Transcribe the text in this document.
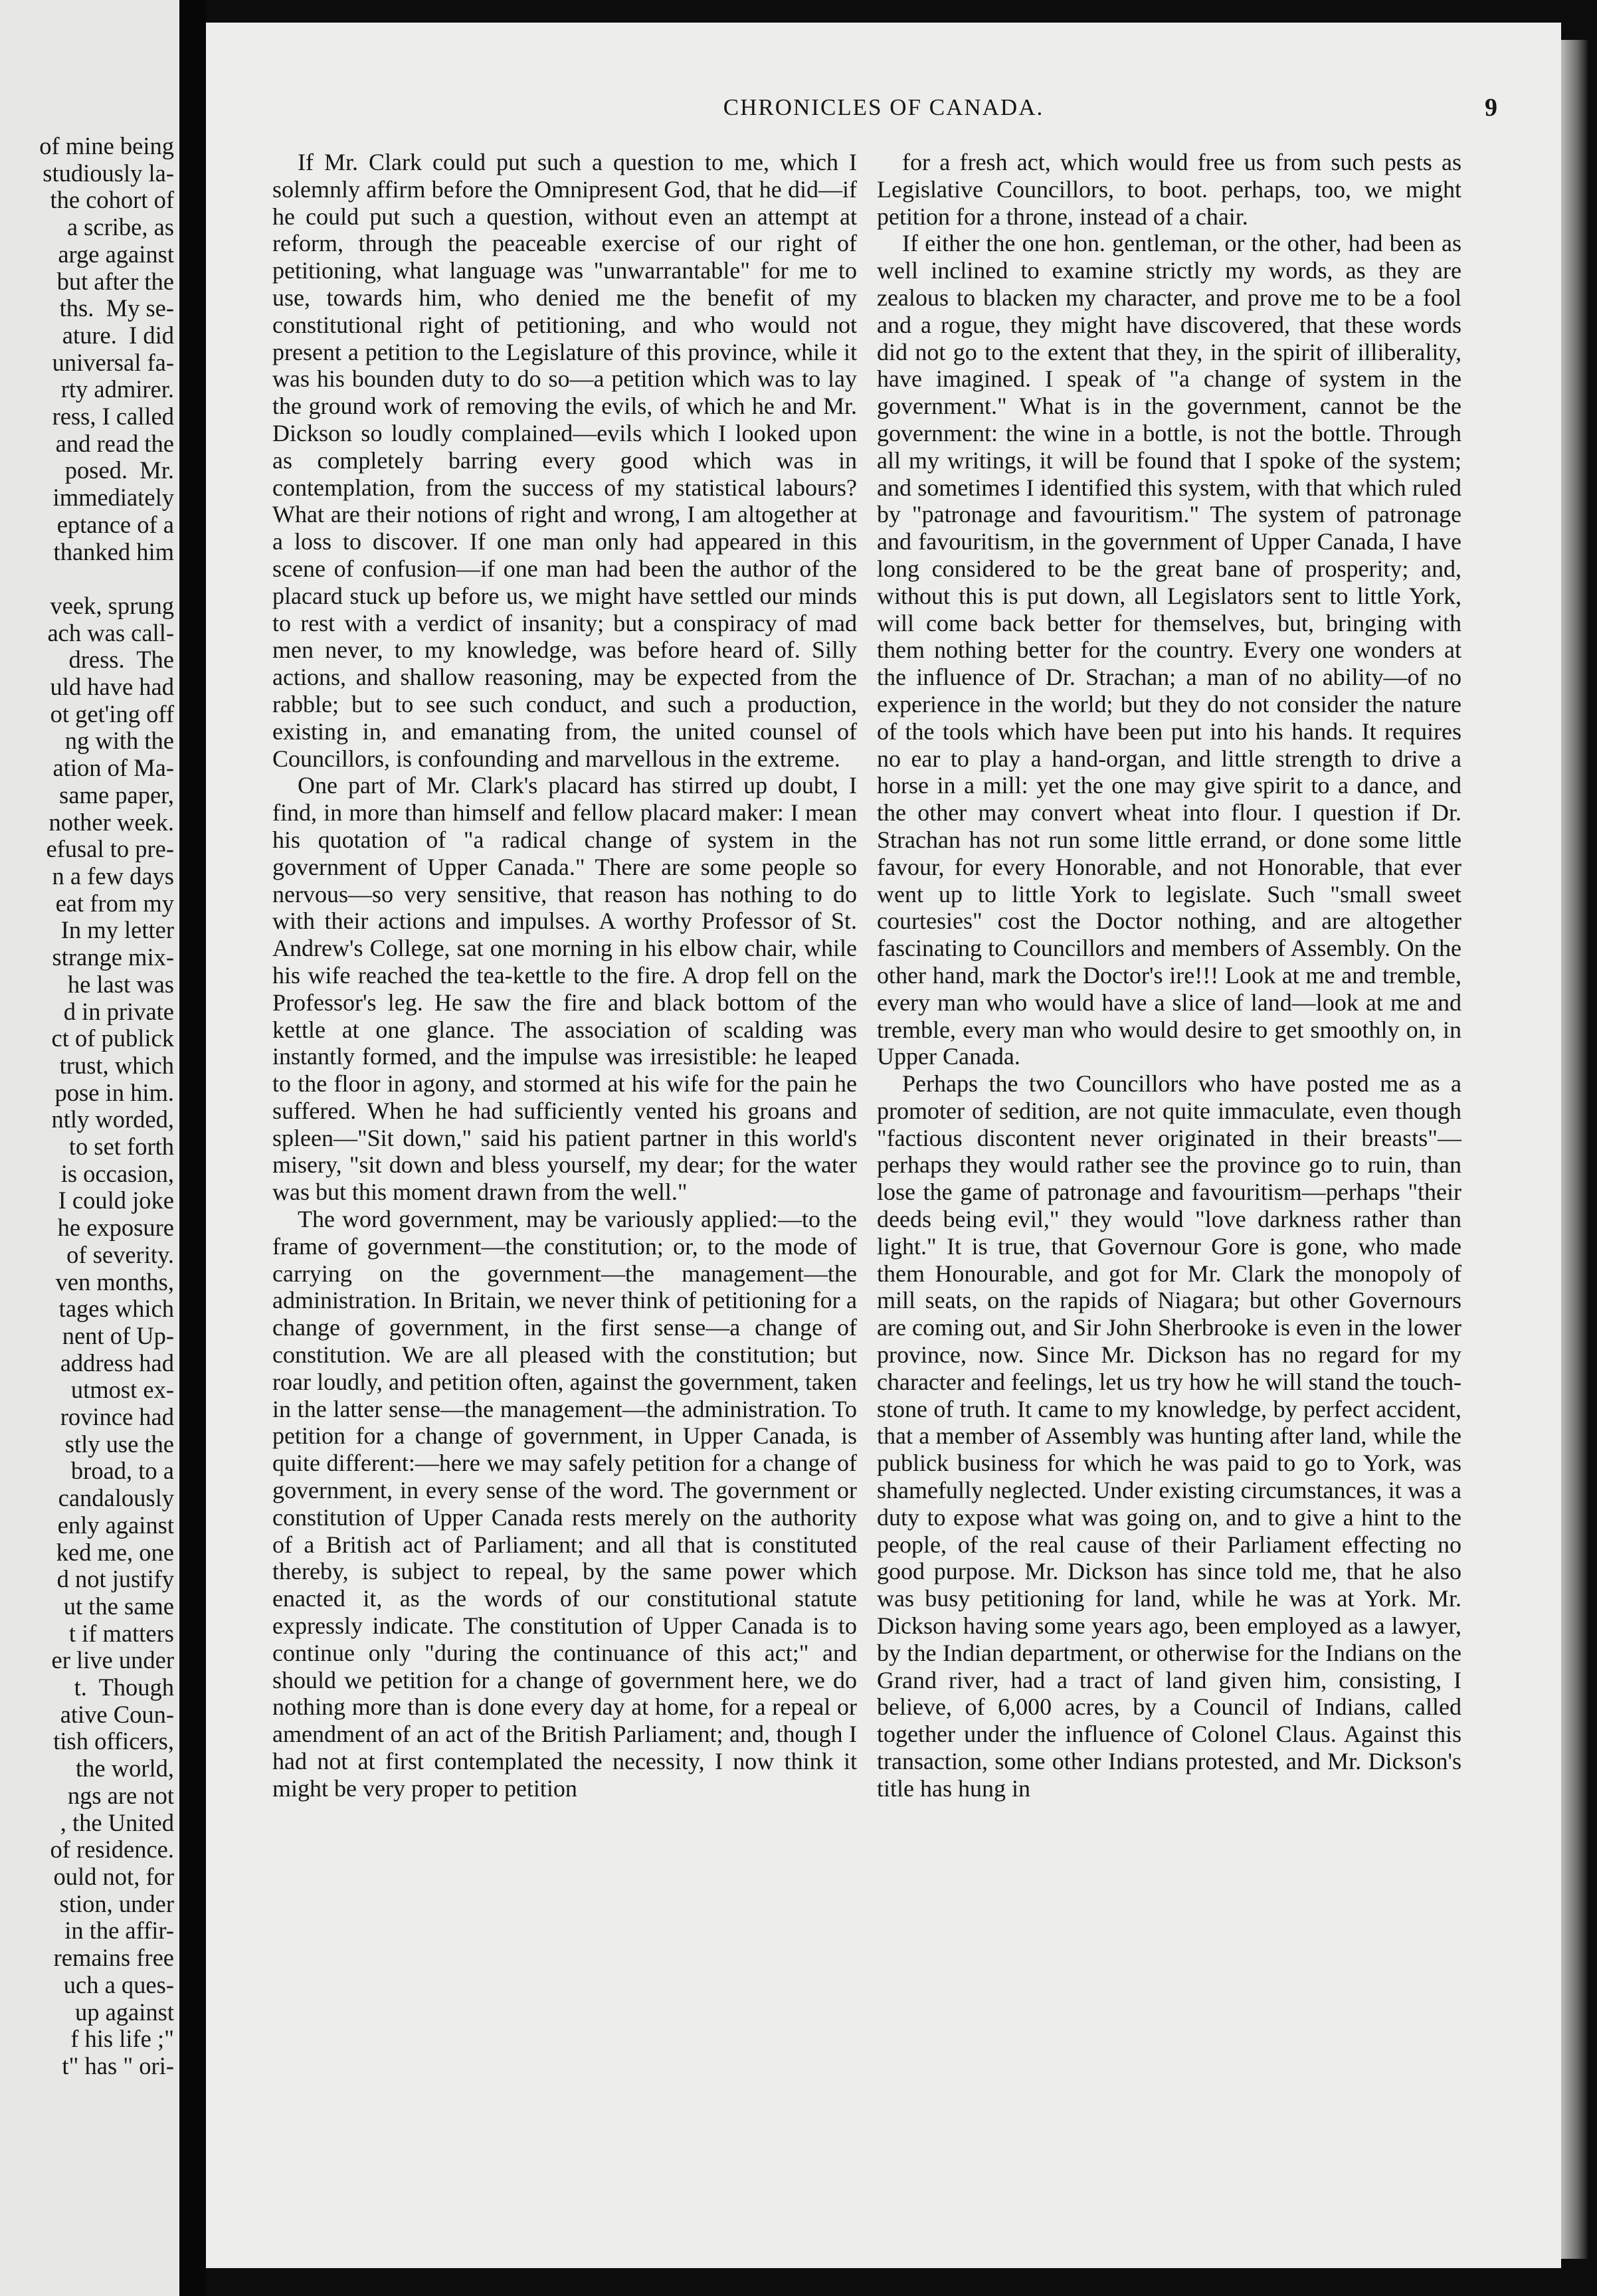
of mine being
studiously la-
the cohort of
a scribe, as
arge against
but after the
ths.  My se-
ature.  I did
universal fa-
rty admirer.
ress, I called
and read the
posed.  Mr.
immediately
eptance of a
thanked him

veek, sprung
ach was call-
dress.  The
uld have had
ot get'ing off
ng with the
ation of Ma-
same paper,
nother week.
efusal to pre-
n a few days
eat from my
In my letter
strange mix-
he last was
d in private
ct of publick
trust, which
pose in him.
ntly worded,
to set forth
is occasion,
I could joke
he exposure
of severity.
ven months,
tages which
nent of Up-
address had
utmost ex-
rovince had
stly use the
broad, to a
candalously
enly against
ked me, one
d not justify
ut the same
t if matters
er live under
t.  Though
ative Coun-
tish officers,
the world,
ngs are not
, the United
of residence.
ould not, for
stion, under
in the affir-
remains free
uch a ques-
up against
f his life ;"
t" has " ori-
CHRONICLES OF CANADA.	9

If Mr. Clark could put such a question to me, which I solemnly affirm before the Omnipresent God, that he did—if he could put such a question, without even an attempt at reform, through the peaceable exercise of our right of petitioning, what language was "unwarrantable" for me to use, towards him, who denied me the benefit of my constitutional right of petitioning, and who would not present a petition to the Legislature of this province, while it was his bounden duty to do so—a petition which was to lay the ground work of removing the evils, of which he and Mr. Dickson so loudly complained—evils which I looked upon as completely barring every good which was in contemplation, from the success of my statistical labours? What are their notions of right and wrong, I am altogether at a loss to discover. If one man only had appeared in this scene of confusion—if one man had been the author of the placard stuck up before us, we might have settled our minds to rest with a verdict of insanity; but a conspiracy of mad men never, to my knowledge, was before heard of. Silly actions, and shallow reasoning, may be expected from the rabble; but to see such conduct, and such a production, existing in, and emanating from, the united counsel of Councillors, is confounding and marvellous in the extreme.

One part of Mr. Clark's placard has stirred up doubt, I find, in more than himself and fellow placard maker: I mean his quotation of "a radical change of system in the government of Upper Canada." There are some people so nervous—so very sensitive, that reason has nothing to do with their actions and impulses. A worthy Professor of St. Andrew's College, sat one morning in his elbow chair, while his wife reached the tea-kettle to the fire. A drop fell on the Professor's leg. He saw the fire and black bottom of the kettle at one glance. The association of scalding was instantly formed, and the impulse was irresistible: he leaped to the floor in agony, and stormed at his wife for the pain he suffered. When he had sufficiently vented his groans and spleen—"Sit down," said his patient partner in this world's misery, "sit down and bless yourself, my dear; for the water was but this moment drawn from the well."

The word government, may be variously applied:—to the frame of government—the constitution; or, to the mode of carrying on the government—the management—the administration. In Britain, we never think of petitioning for a change of government, in the first sense—a change of constitution. We are all pleased with the constitution; but roar loudly, and petition often, against the government, taken in the latter sense—the management—the administration. To petition for a change of government, in Upper Canada, is quite different:—here we may safely petition for a change of government, in every sense of the word. The government or constitution of Upper Canada rests merely on the authority of a British act of Parliament; and all that is constituted thereby, is subject to repeal, by the same power which enacted it, as the words of our constitutional statute expressly indicate. The constitution of Upper Canada is to continue only "during the continuance of this act;" and should we petition for a change of government here, we do nothing more than is done every day at home, for a repeal or amendment of an act of the British Parliament; and, though I had not at first contemplated the necessity, I now think it might be very proper to petition

for a fresh act, which would free us from such pests as Legislative Councillors, to boot. perhaps, too, we might petition for a throne, instead of a chair.

If either the one hon. gentleman, or the other, had been as well inclined to examine strictly my words, as they are zealous to blacken my character, and prove me to be a fool and a rogue, they might have discovered, that these words did not go to the extent that they, in the spirit of illiberality, have imagined. I speak of "a change of system in the government." What is in the government, cannot be the government: the wine in a bottle, is not the bottle. Through all my writings, it will be found that I spoke of the system; and sometimes I identified this system, with that which ruled by "patronage and favouritism." The system of patronage and favouritism, in the government of Upper Canada, I have long considered to be the great bane of prosperity; and, without this is put down, all Legislators sent to little York, will come back better for themselves, but, bringing with them nothing better for the country. Every one wonders at the influence of Dr. Strachan; a man of no ability—of no experience in the world; but they do not consider the nature of the tools which have been put into his hands. It requires no ear to play a hand-organ, and little strength to drive a horse in a mill: yet the one may give spirit to a dance, and the other may convert wheat into flour. I question if Dr. Strachan has not run some little errand, or done some little favour, for every Honorable, and not Honorable, that ever went up to little York to legislate. Such "small sweet courtesies" cost the Doctor nothing, and are altogether fascinating to Councillors and members of Assembly. On the other hand, mark the Doctor's ire!!! Look at me and tremble, every man who would have a slice of land—look at me and tremble, every man who would desire to get smoothly on, in Upper Canada.

Perhaps the two Councillors who have posted me as a promoter of sedition, are not quite immaculate, even though "factious discontent never originated in their breasts"—perhaps they would rather see the province go to ruin, than lose the game of patronage and favouritism—perhaps "their deeds being evil," they would "love darkness rather than light." It is true, that Governour Gore is gone, who made them Honourable, and got for Mr. Clark the monopoly of mill seats, on the rapids of Niagara; but other Governours are coming out, and Sir John Sherbrooke is even in the lower province, now. Since Mr. Dickson has no regard for my character and feelings, let us try how he will stand the touch-stone of truth. It came to my knowledge, by perfect accident, that a member of Assembly was hunting after land, while the publick business for which he was paid to go to York, was shamefully neglected. Under existing circumstances, it was a duty to expose what was going on, and to give a hint to the people, of the real cause of their Parliament effecting no good purpose. Mr. Dickson has since told me, that he also was busy petitioning for land, while he was at York. Mr. Dickson having some years ago, been employed as a lawyer, by the Indian department, or otherwise for the Indians on the Grand river, had a tract of land given him, consisting, I believe, of 6,000 acres, by a Council of Indians, called together under the influence of Colonel Claus. Against this transaction, some other Indians protested, and Mr. Dickson's title has hung in
